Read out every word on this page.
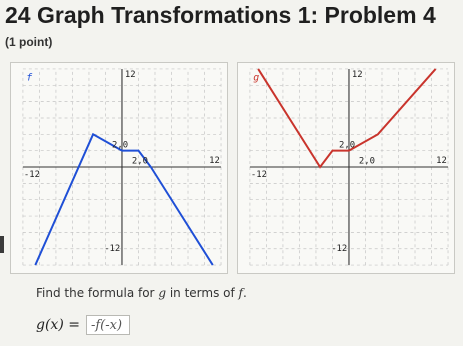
24 Graph Transformations 1: Problem 4
(1 point)
f	12
-12
-12
12
2,0
2,0
g	12
-12
-12
12
2,0
2,0
Find the formula for g in terms of f.
g(x) = -f(-x)
